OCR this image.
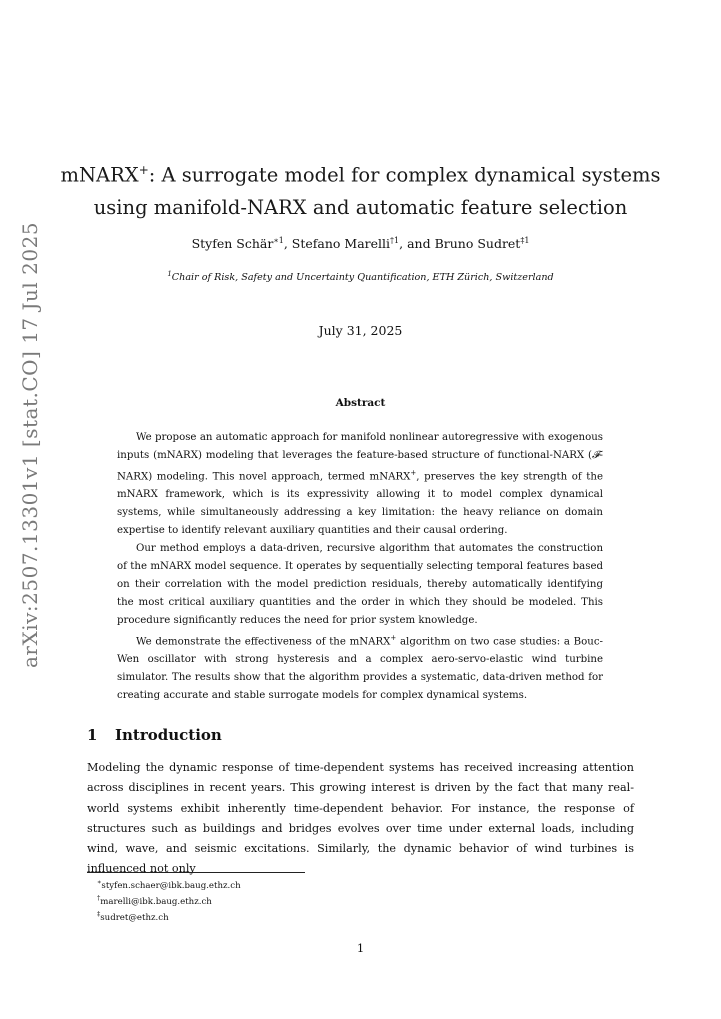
arXiv:2507.13301v1 [stat.CO] 17 Jul 2025
mNARX+: A surrogate model for complex dynamical systems
using manifold-NARX and automatic feature selection
Styfen Schär$^{∗1}$, Stefano Marelli$^{\dagger 1}$, and Bruno Sudret$^{\ddagger 1}$
$^1$Chair of Risk, Safety and Uncertainty Quantification, ETH Zürich, Switzerland
July 31, 2025
Abstract

We propose an automatic approach for manifold nonlinear autoregressive with exogenous inputs (mNARX) modeling that leverages the feature-based structure of functional-NARX (𝓕-NARX) modeling. This novel approach, termed mNARX+, preserves the key strength of the mNARX framework, which is its expressivity allowing it to model complex dynamical systems, while simultaneously addressing a key limitation: the heavy reliance on domain expertise to identify relevant auxiliary quantities and their causal ordering.

Our method employs a data-driven, recursive algorithm that automates the construction of the mNARX model sequence. It operates by sequentially selecting temporal features based on their correlation with the model prediction residuals, thereby automatically identifying the most critical auxiliary quantities and the order in which they should be modeled. This procedure significantly reduces the need for prior system knowledge.

We demonstrate the effectiveness of the mNARX+ algorithm on two case studies: a Bouc-Wen oscillator with strong hysteresis and a complex aero-servo-elastic wind turbine simulator. The results show that the algorithm provides a systematic, data-driven method for creating accurate and stable surrogate models for complex dynamical systems.

1 Introduction

Modeling the dynamic response of time-dependent systems has received increasing attention across disciplines in recent years. This growing interest is driven by the fact that many real-world systems exhibit inherently time-dependent behavior. For instance, the response of structures such as buildings and bridges evolves over time under external loads, including wind, wave, and seismic excitations. Similarly, the dynamic behavior of wind turbines is influenced not only

∗styfen.schaer@ibk.baug.ethz.ch
†marelli@ibk.baug.ethz.ch
‡sudret@ethz.ch
1
